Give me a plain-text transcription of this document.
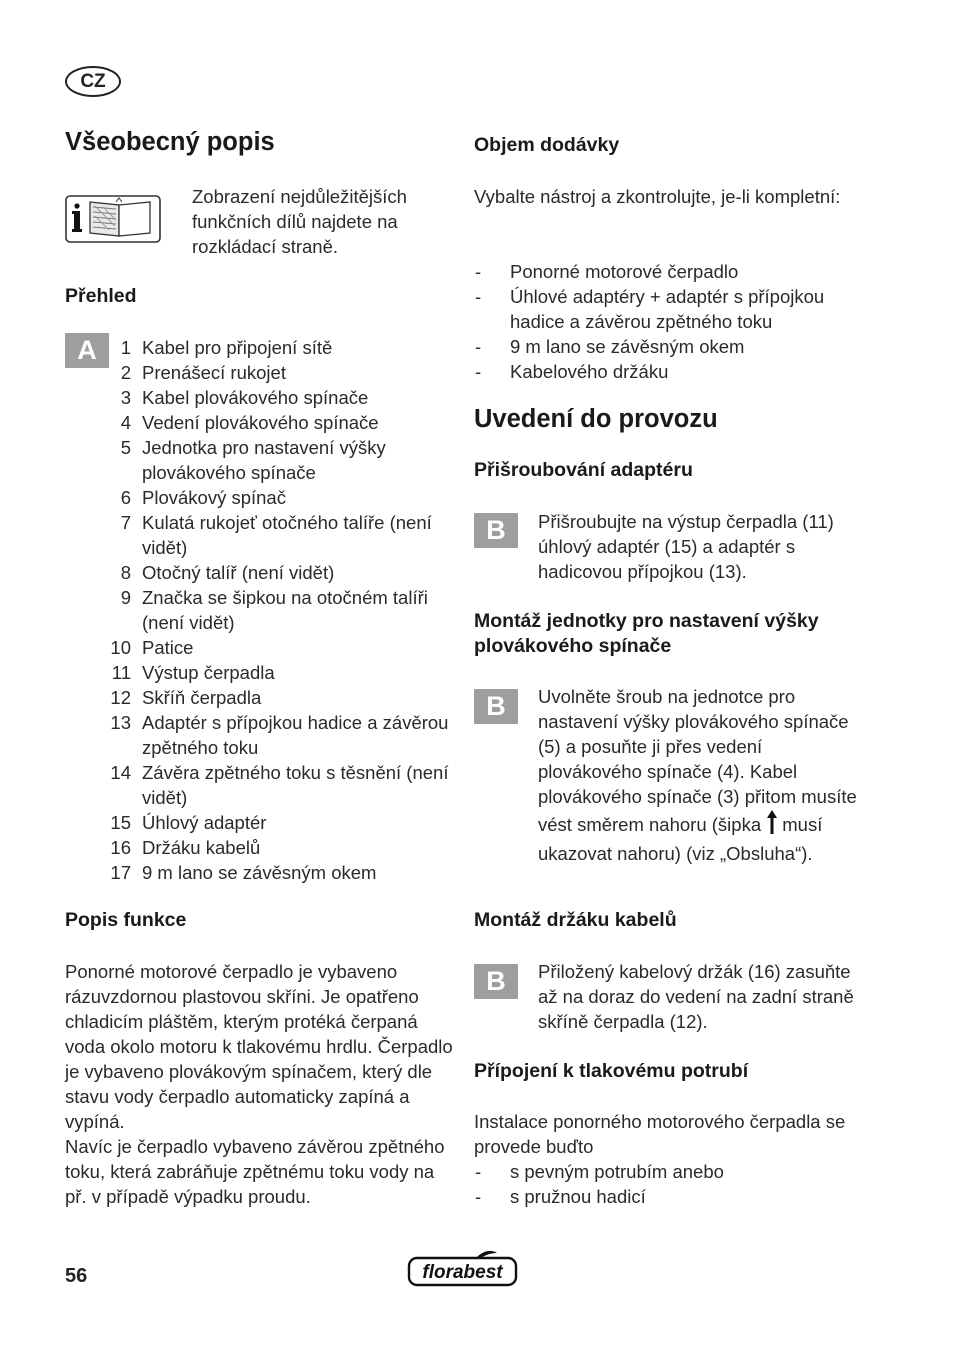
CZ
Všeobecný popis

Zobrazení nejdůležitějších funkčních dílů najdete na rozkládací straně.

Přehled
A	1 Kabel pro připojení sítě
2 Prenášecí rukojet
3 Kabel plovákového spínače
4 Vedení plovákového spínače
5 Jednotka pro nastavení výšky plovákového spínače
6 Plovákový spínač
7 Kulatá rukojeť otočného talíře (není vidět)
8 Otočný talíř (není vidět)
9 Značka se šipkou na otočném talíři (není vidět)
10 Patice
11 Výstup čerpadla
12 Skříň čerpadla
13 Adaptér s přípojkou hadice a závěrou zpětného toku
14 Závěra zpětného toku s těsnění (není vidět)
15 Úhlový adaptér
16 Držáku kabelů
17 9 m lano se závěsným okem
Popis funkce

Ponorné motorové čerpadlo je vybaveno rázuvzdornou plastovou skříni. Je opatřeno chladicím pláštěm, kterým protéká čerpaná voda okolo motoru k tlakovému hrdlu. Čerpadlo je vybaveno plovákovým spínačem, který dle stavu vody čerpadlo automaticky zapíná a vypíná.

Navíc je čerpadlo vybaveno závěrou zpětného toku, která zabráňuje zpětnému toku vody na př. v případě výpadku proudu.

Objem dodávky

Vybalte nástroj a zkontrolujte, je-li kompletní:

-	Ponorné motorové čerpadlo
-	Úhlové adaptéry + adaptér s přípojkou hadice a závěrou zpětného toku
-	9 m lano se závěsným okem
-	Kabelového držáku
Uvedení do provozu
Přišroubování adaptéru
B	Přišroubujte na výstup čerpadla (11) úhlový adaptér (15) a adaptér s hadicovou přípojkou (13).

Montáž jednotky pro nastavení výšky plovákového spínače
B	Uvolněte šroub na jednotce pro nastavení výšky plovákového spínače (5) a posuňte ji přes vedení plovákového spínače (4). Kabel plovákového spínače (3) přitom musíte vést směrem nahoru (šipka musí ukazovat nahoru) (viz „Obsluha“).

Montáž držáku kabelů
B	Přiložený kabelový držák (16) zasuňte až na doraz do vedení na zadní straně skříně čerpadla (12).

Přípojení k tlakovému potrubí

Instalace ponorného motorového čerpadla se provede buďto

-	s pevným potrubím anebo
-	s pružnou hadicí
56	florabest
